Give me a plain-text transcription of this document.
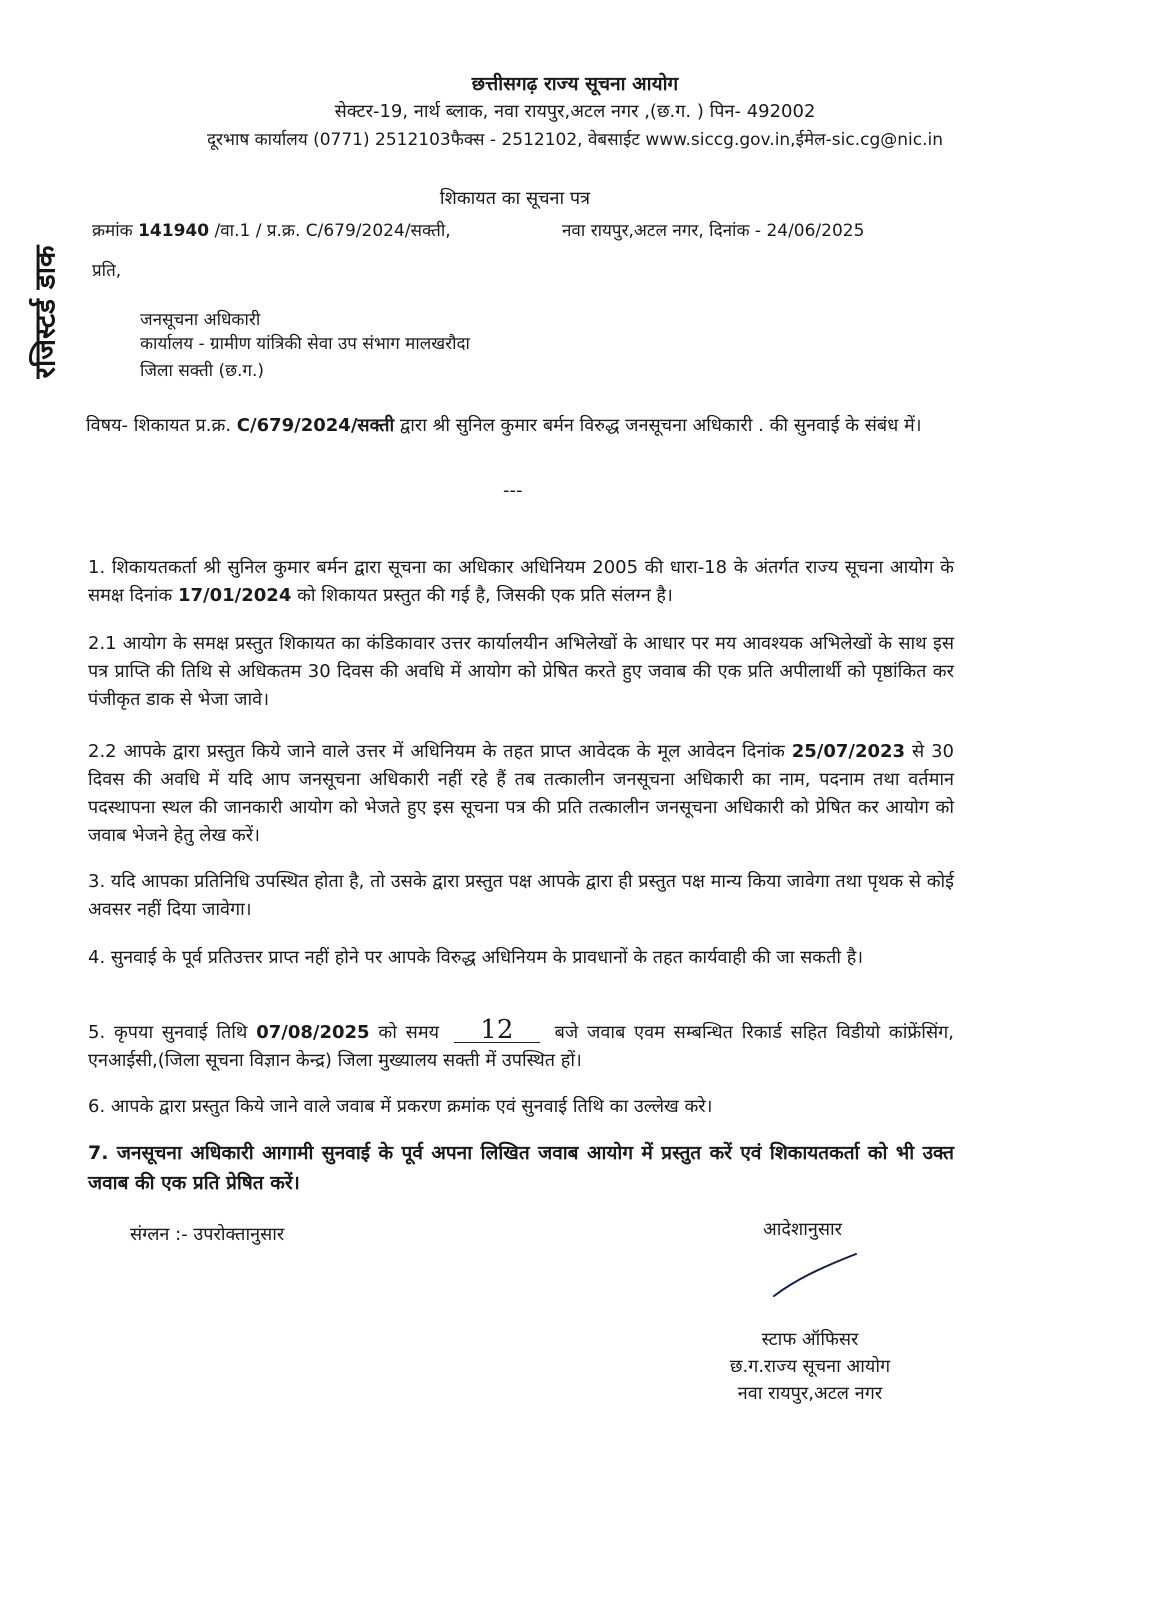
छत्तीसगढ़ राज्य सूचना आयोग
सेक्टर-19, नार्थ ब्लाक, नवा रायपुर,अटल नगर ,(छ.ग. ) पिन- 492002
दूरभाष कार्यालय (0771) 2512103फैक्स - 2512102, वेबसाईट www.siccg.gov.in,ईमेल-sic.cg@nic.in
शिकायत का सूचना पत्र
रजिस्टर्ड डाक
क्रमांक 141940 /वा.1 / प्र.क्र. C/679/2024/सक्ती,	नवा रायपुर,अटल नगर, दिनांक - 24/06/2025
प्रति,
जनसूचना अधिकारी
कार्यालय - ग्रामीण यांत्रिकी सेवा उप संभाग मालखरौदा
जिला सक्ती (छ.ग.)
विषय- शिकायत प्र.क्र. C/679/2024/सक्ती द्वारा श्री सुनिल कुमार बर्मन विरुद्ध जनसूचना अधिकारी . की सुनवाई के संबंध में।
---
1. शिकायतकर्ता श्री सुनिल कुमार बर्मन द्वारा सूचना का अधिकार अधिनियम 2005 की धारा-18 के अंतर्गत राज्य सूचना आयोग के समक्ष दिनांक 17/01/2024 को शिकायत प्रस्तुत की गई है, जिसकी एक प्रति संलग्न है।
2.1 आयोग के समक्ष प्रस्तुत शिकायत का कंडिकावार उत्तर कार्यालयीन अभिलेखों के आधार पर मय आवश्यक अभिलेखों के साथ इस पत्र प्राप्ति की तिथि से अधिकतम 30 दिवस की अवधि में आयोग को प्रेषित करते हुए जवाब की एक प्रति अपीलार्थी को पृष्ठांकित कर पंजीकृत डाक से भेजा जावे।
2.2 आपके द्वारा प्रस्तुत किये जाने वाले उत्तर में अधिनियम के तहत प्राप्त आवेदक के मूल आवेदन दिनांक 25/07/2023 से 30 दिवस की अवधि में यदि आप जनसूचना अधिकारी नहीं रहे हैं तब तत्कालीन जनसूचना अधिकारी का नाम, पदनाम तथा वर्तमान पदस्थापना स्थल की जानकारी आयोग को भेजते हुए इस सूचना पत्र की प्रति तत्कालीन जनसूचना अधिकारी को प्रेषित कर आयोग को जवाब भेजने हेतु लेख करें।
3. यदि आपका प्रतिनिधि उपस्थित होता है, तो उसके द्वारा प्रस्तुत पक्ष आपके द्वारा ही प्रस्तुत पक्ष मान्य किया जावेगा तथा पृथक से कोई अवसर नहीं दिया जावेगा।
4. सुनवाई के पूर्व प्रतिउत्तर प्राप्त नहीं होने पर आपके विरुद्ध अधिनियम के प्रावधानों के तहत कार्यवाही की जा सकती है।
5. कृपया सुनवाई तिथि 07/08/2025 को समय 12 बजे जवाब एवम सम्बन्धित रिकार्ड सहित विडीयो कांफ्रेंसिंग, एनआईसी,(जिला सूचना विज्ञान केन्द्र) जिला मुख्यालय सक्ती में उपस्थित हों।
6. आपके द्वारा प्रस्तुत किये जाने वाले जवाब में प्रकरण क्रमांक एवं सुनवाई तिथि का उल्लेख करे।
7. जनसूचना अधिकारी आगामी सुनवाई के पूर्व अपना लिखित जवाब आयोग में प्रस्तुत करें एवं शिकायतकर्ता को भी उक्त जवाब की एक प्रति प्रेषित करें।
संग्लन :- उपरोक्तानुसार	आदेशानुसार
स्टाफ ऑफिसर
छ.ग.राज्य सूचना आयोग
नवा रायपुर,अटल नगर
